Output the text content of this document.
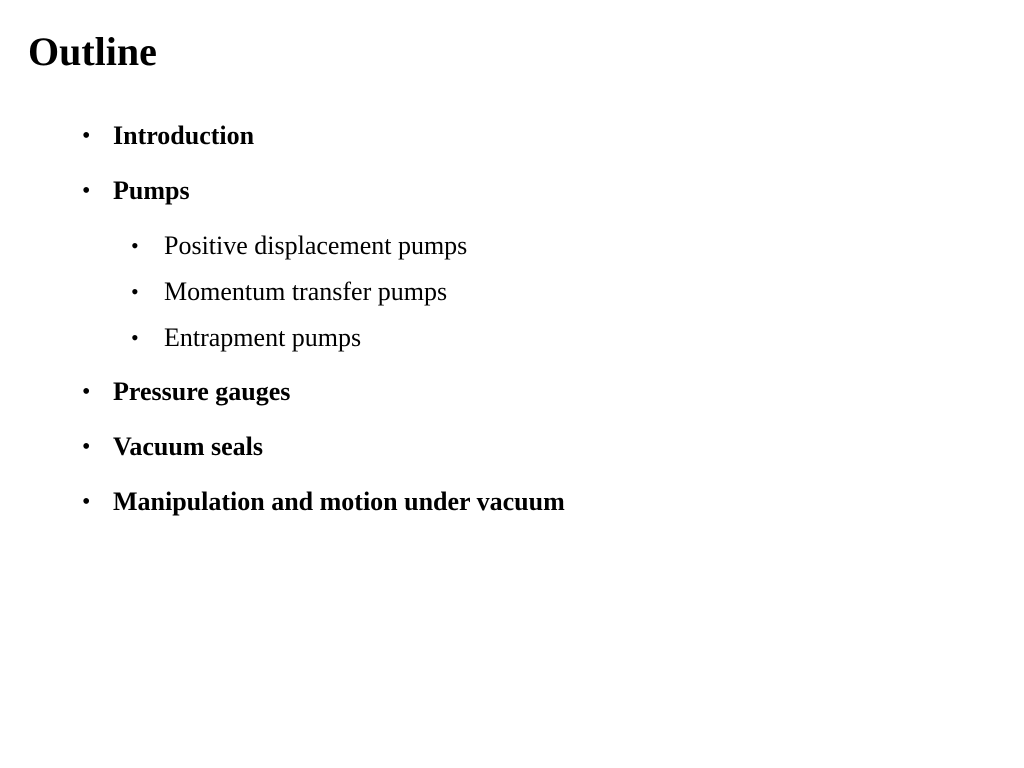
Outline
• Introduction
• Pumps
• Positive displacement pumps
• Momentum transfer pumps
• Entrapment pumps
• Pressure gauges
• Vacuum seals
• Manipulation and motion under vacuum
